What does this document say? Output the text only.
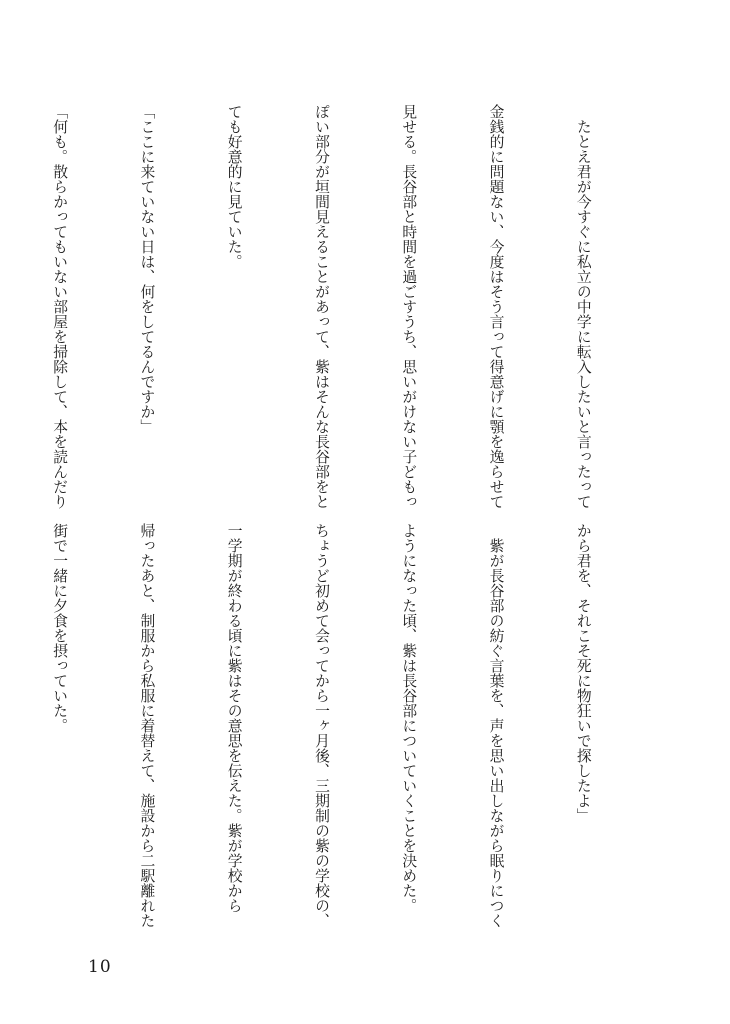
　たとえ君が今すぐに私立の中学に転入したいと言ったって

金銭的に問題ない、今度はそう言って得意げに顎を逸らせて

見せる。長谷部と時間を過ごすうち、思いがけない子どもっ

ぽい部分が垣間見えることがあって、紫はそんな長谷部をと

ても好意的に見ていた。

「ここに来ていない日は、何をしてるんですか」

「何も。散らかってもいない部屋を掃除して、本を読んだり

から君を、それこそ死に物狂いで探したよ」

　紫が長谷部の紡ぐ言葉を、声を思い出しながら眠りにつく

ようになった頃、紫は長谷部についていくことを決めた。

ちょうど初めて会ってから一ヶ月後、三期制の紫の学校の、

一学期が終わる頃に紫はその意思を伝えた。紫が学校から

帰ったあと、制服から私服に着替えて、施設から二駅離れた

街で一緒に夕食を摂っていた。

10
